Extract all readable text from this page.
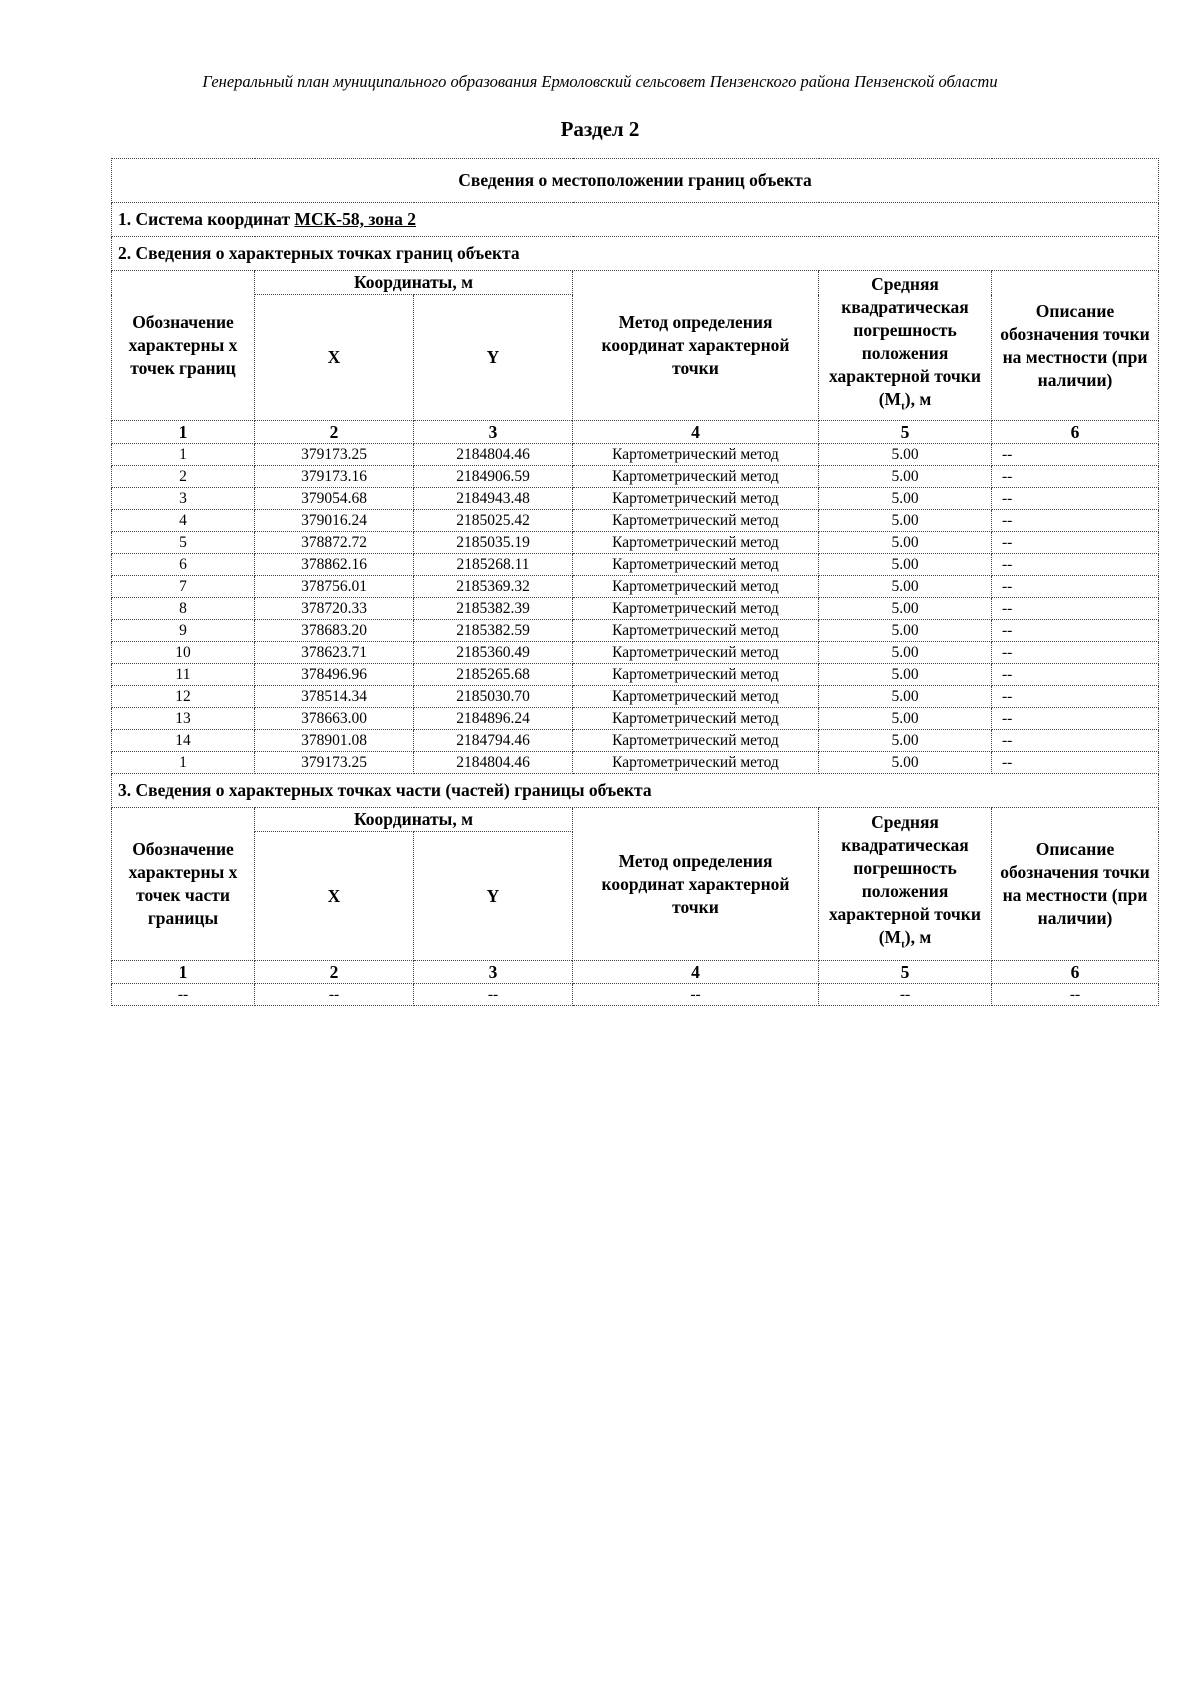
Генеральный план муниципального образования Ермоловский сельсовет Пензенского района Пензенской области
Раздел 2
Сведения о местоположении границ объекта					
1. Система координат МСК-58, зона 2					
2. Сведения о характерных точках границ объекта					
Обозначение характерны х точек границ	Координаты, м		Метод определения координат характерной точки	Средняя квадратическая погрешность положения характерной точки $(M_t)$, м	Описание обозначения точки на местности (при наличии)
	X	Y			
1	2	3	4	5	6
1	379173.25	2184804.46	Картометрический метод	5.00	--
2	379173.16	2184906.59	Картометрический метод	5.00	--
3	379054.68	2184943.48	Картометрический метод	5.00	--
4	379016.24	2185025.42	Картометрический метод	5.00	--
5	378872.72	2185035.19	Картометрический метод	5.00	--
6	378862.16	2185268.11	Картометрический метод	5.00	--
7	378756.01	2185369.32	Картометрический метод	5.00	--
8	378720.33	2185382.39	Картометрический метод	5.00	--
9	378683.20	2185382.59	Картометрический метод	5.00	--
10	378623.71	2185360.49	Картометрический метод	5.00	--
11	378496.96	2185265.68	Картометрический метод	5.00	--
12	378514.34	2185030.70	Картометрический метод	5.00	--
13	378663.00	2184896.24	Картометрический метод	5.00	--
14	378901.08	2184794.46	Картометрический метод	5.00	--
1	379173.25	2184804.46	Картометрический метод	5.00	--
3. Сведения о характерных точках части (частей) границы объекта					
Обозначение характерны х точек части границы	Координаты, м		Метод определения координат характерной точки	Средняя квадратическая погрешность положения характерной точки $(M_t)$, м	Описание обозначения точки на местности (при наличии)
	X	Y			
1	2	3	4	5	6
--	--	--	--	--	--
